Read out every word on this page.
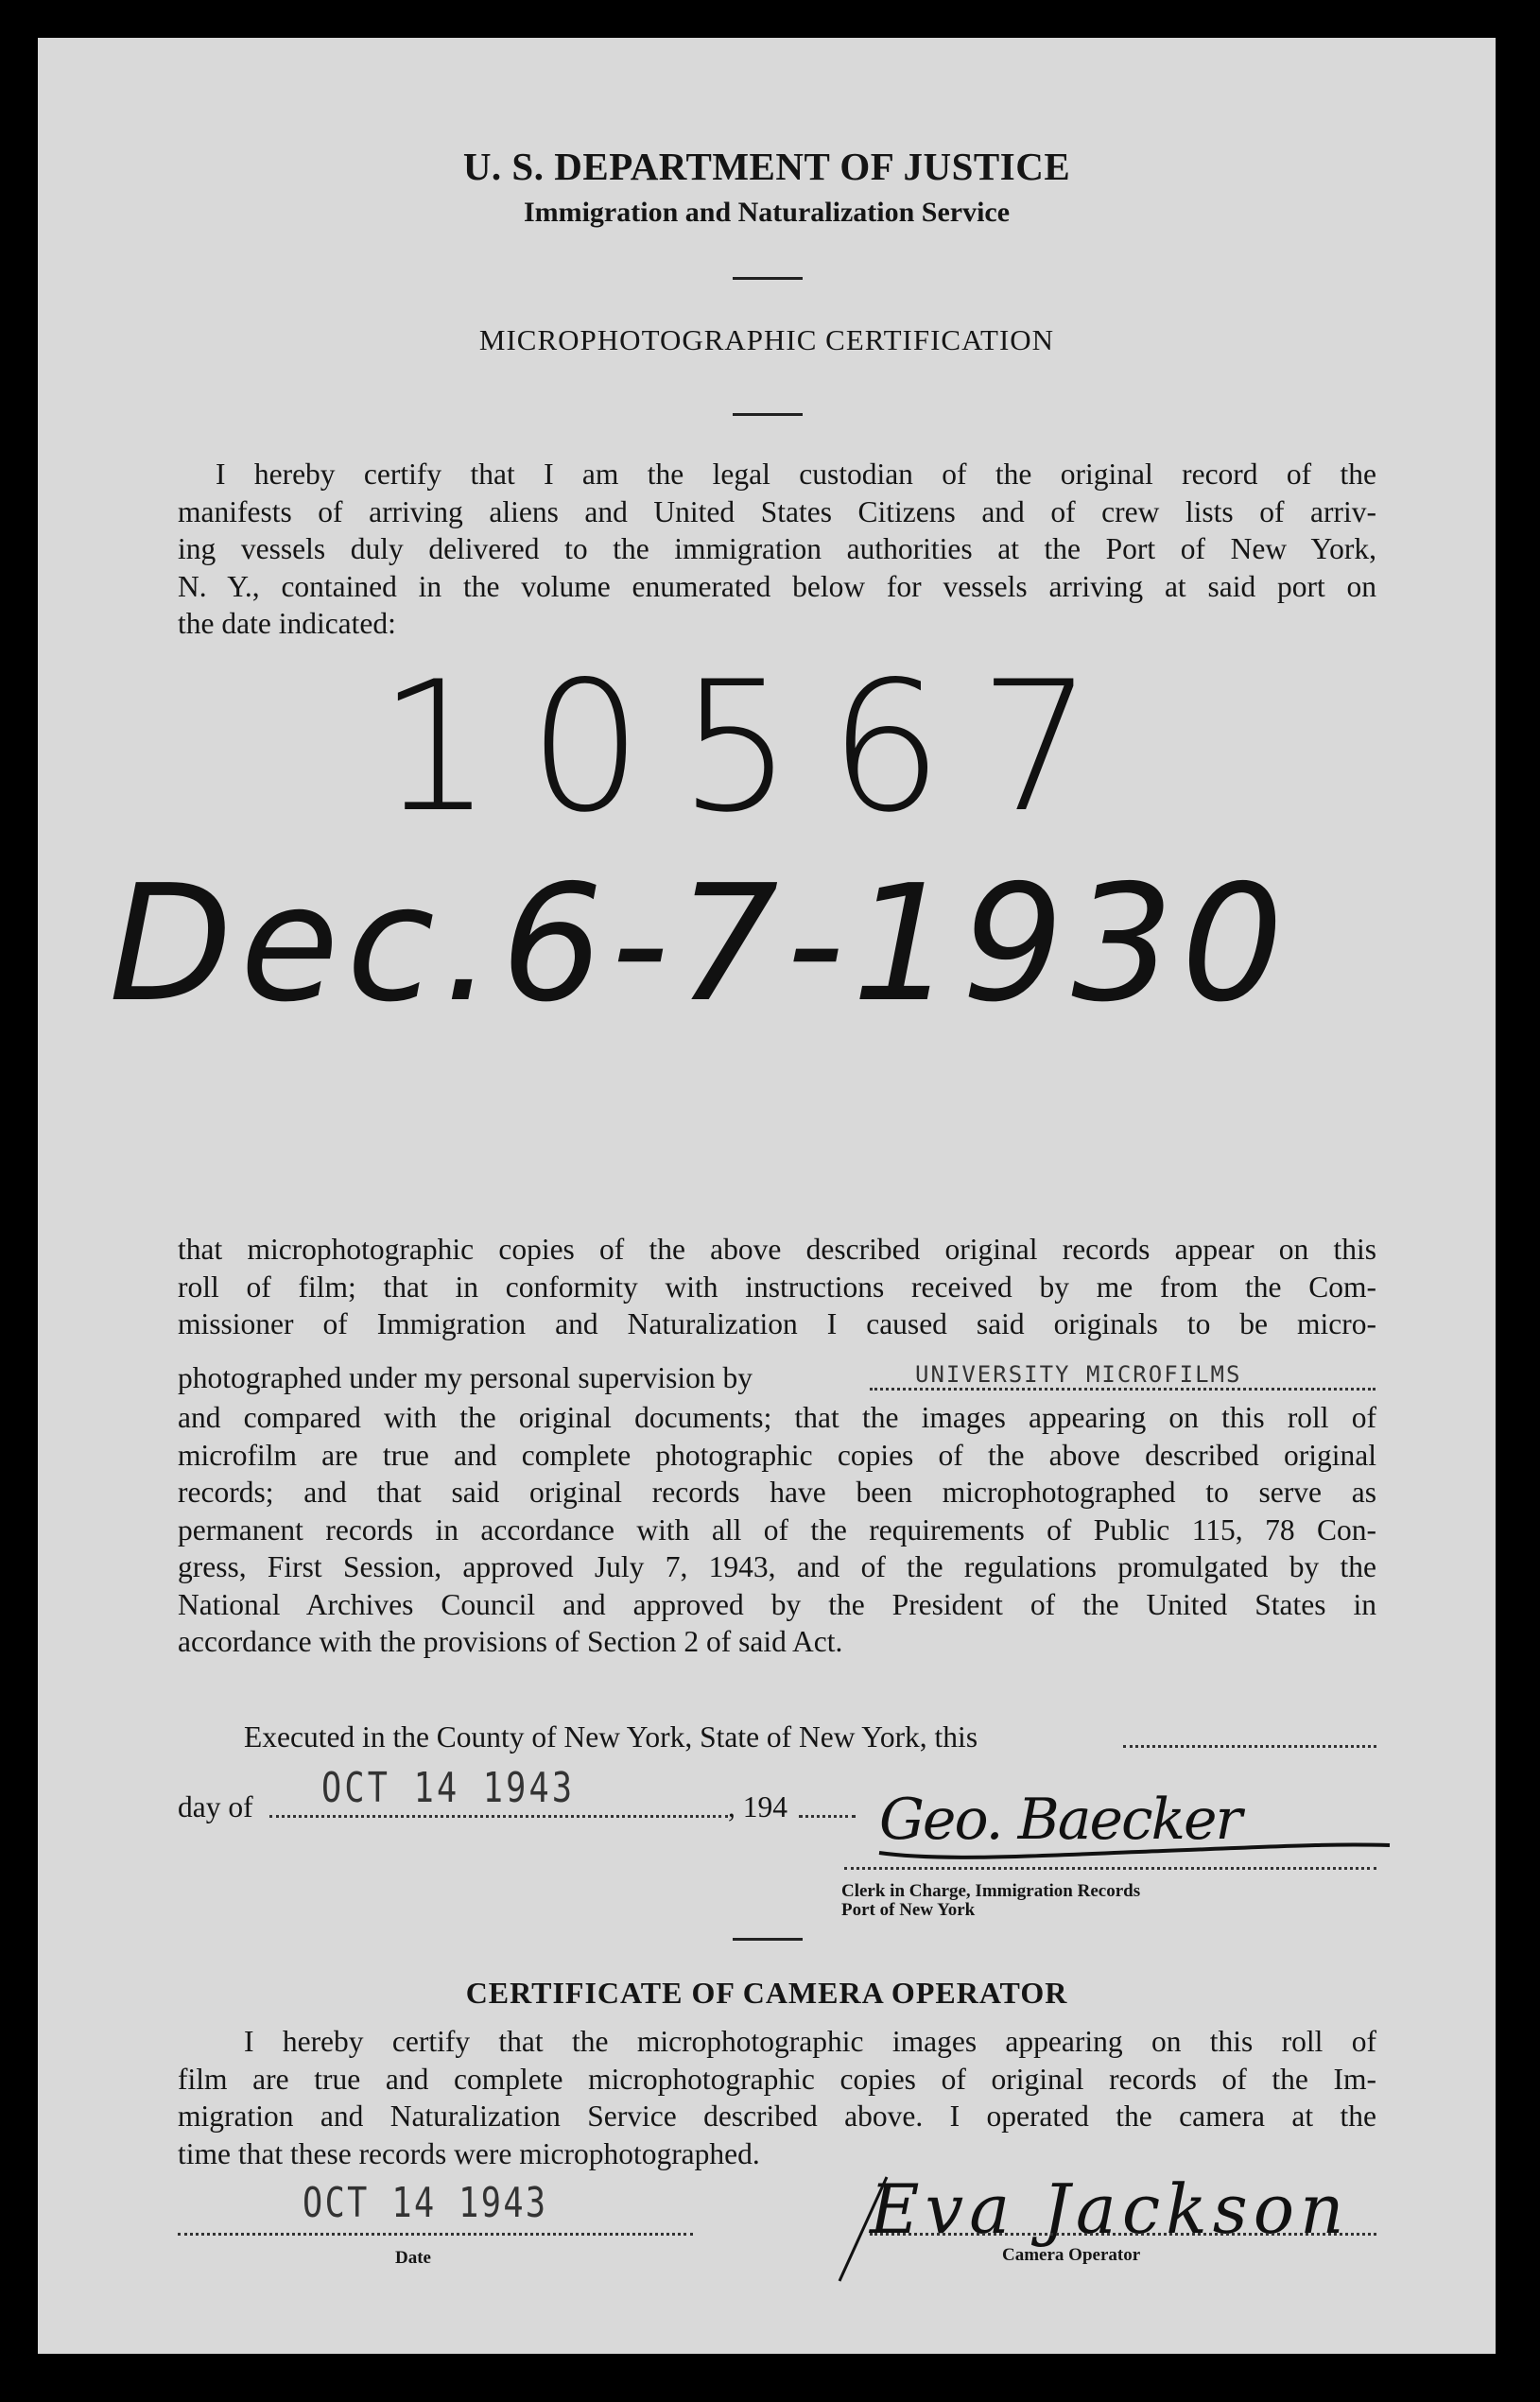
U. S. DEPARTMENT OF JUSTICE
Immigration and Naturalization Service
MICROPHOTOGRAPHIC CERTIFICATION
I hereby certify that I am the legal custodian of the original record of the
manifests of arriving aliens and United States Citizens and of crew lists of arriv-
ing vessels duly delivered to the immigration authorities at the Port of New York,
N. Y., contained in the volume enumerated below for vessels arriving at said port on
the date indicated:
10567
Dec.6-7-1930
that microphotographic copies of the above described original records appear on this
roll of film; that in conformity with instructions received by me from the Com-
missioner of Immigration and Naturalization I caused said originals to be micro-
photographed under my personal supervision by	UNIVERSITY MICROFILMS
and compared with the original documents; that the images appearing on this roll of
microfilm are true and complete photographic copies of the above described original
records; and that said original records have been microphotographed to serve as
permanent records in accordance with all of the requirements of Public 115, 78 Con-
gress, First Session, approved July 7, 1943, and of the regulations promulgated by the
National Archives Council and approved by the President of the United States in
accordance with the provisions of Section 2 of said Act.
Executed in the County of New York, State of New York, this
day of	OCT 14 1943	, 194	Geo. Baecker
Clerk in Charge, Immigration Records
Port of New York
CERTIFICATE OF CAMERA OPERATOR
I hereby certify that the microphotographic images appearing on this roll of
film are true and complete microphotographic copies of original records of the Im-
migration and Naturalization Service described above. I operated the camera at the
time that these records were microphotographed.
OCT 14 1943
Date
Eva Jackson
Camera Operator
